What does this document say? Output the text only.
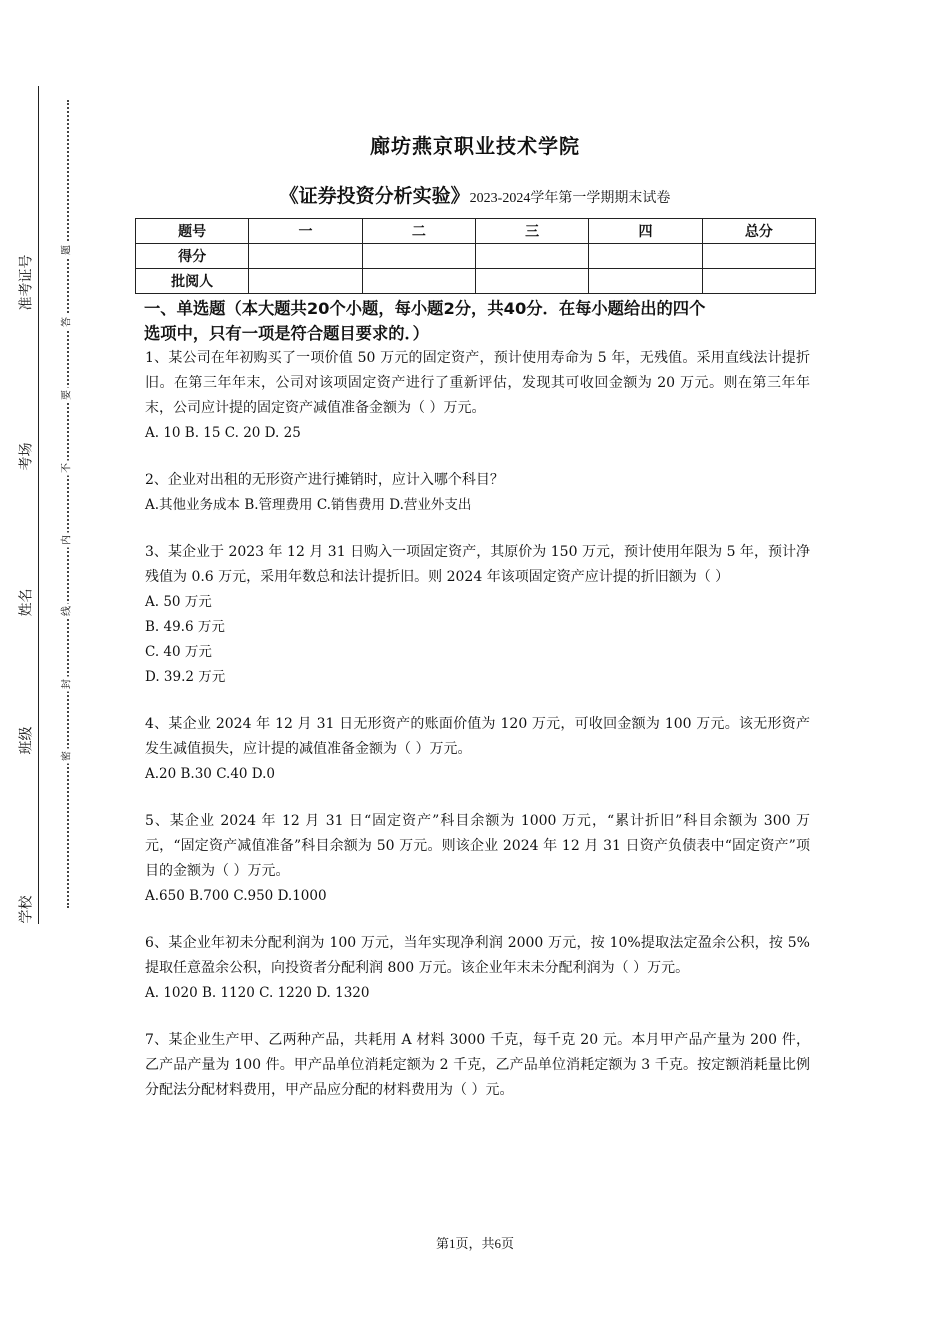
准考证号
考场
姓名
班级
学校
题
答
要
不
内
线
封
密
廊坊燕京职业技术学院
《证券投资分析实验》2023-2024学年第一学期期末试卷
题号	一	二	三	四	总分
得分					
批阅人					
一、单选题（本大题共20个小题，每小题2分，共40分．在每小题给出的四个
选项中，只有一项是符合题目要求的．）

1、某公司在年初购买了一项价值 50 万元的固定资产，预计使用寿命为 5 年，无残值。采用直线法计提折旧。在第三年年末，公司对该项固定资产进行了重新评估，发现其可收回金额为 20 万元。则在第三年年末，公司应计提的固定资产减值准备金额为（ ）万元。

A. 10 B. 15 C. 20 D. 25

2、企业对出租的无形资产进行摊销时，应计入哪个科目？

A.其他业务成本 B.管理费用 C.销售费用 D.营业外支出

3、某企业于 2023 年 12 月 31 日购入一项固定资产，其原价为 150 万元，预计使用年限为 5 年，预计净残值为 0.6 万元，采用年数总和法计提折旧。则 2024 年该项固定资产应计提的折旧额为（ ）

A. 50 万元

B. 49.6 万元

C. 40 万元

D. 39.2 万元

4、某企业 2024 年 12 月 31 日无形资产的账面价值为 120 万元，可收回金额为 100 万元。该无形资产发生减值损失，应计提的减值准备金额为（ ）万元。

A.20 B.30 C.40 D.0

5、某企业 2024 年 12 月 31 日“固定资产”科目余额为 1000 万元，“累计折旧”科目余额为 300 万元，“固定资产减值准备”科目余额为 50 万元。则该企业 2024 年 12 月 31 日资产负债表中“固定资产”项目的金额为（ ）万元。

A.650 B.700 C.950 D.1000

6、某企业年初未分配利润为 100 万元，当年实现净利润 2000 万元，按 10%提取法定盈余公积，按 5%提取任意盈余公积，向投资者分配利润 800 万元。该企业年末未分配利润为（ ）万元。

A. 1020 B. 1120 C. 1220 D. 1320

7、某企业生产甲、乙两种产品，共耗用 A 材料 3000 千克，每千克 20 元。本月甲产品产量为 200 件，乙产品产量为 100 件。甲产品单位消耗定额为 2 千克，乙产品单位消耗定额为 3 千克。按定额消耗量比例分配法分配材料费用，甲产品应分配的材料费用为（ ）元。

第1页，共6页
